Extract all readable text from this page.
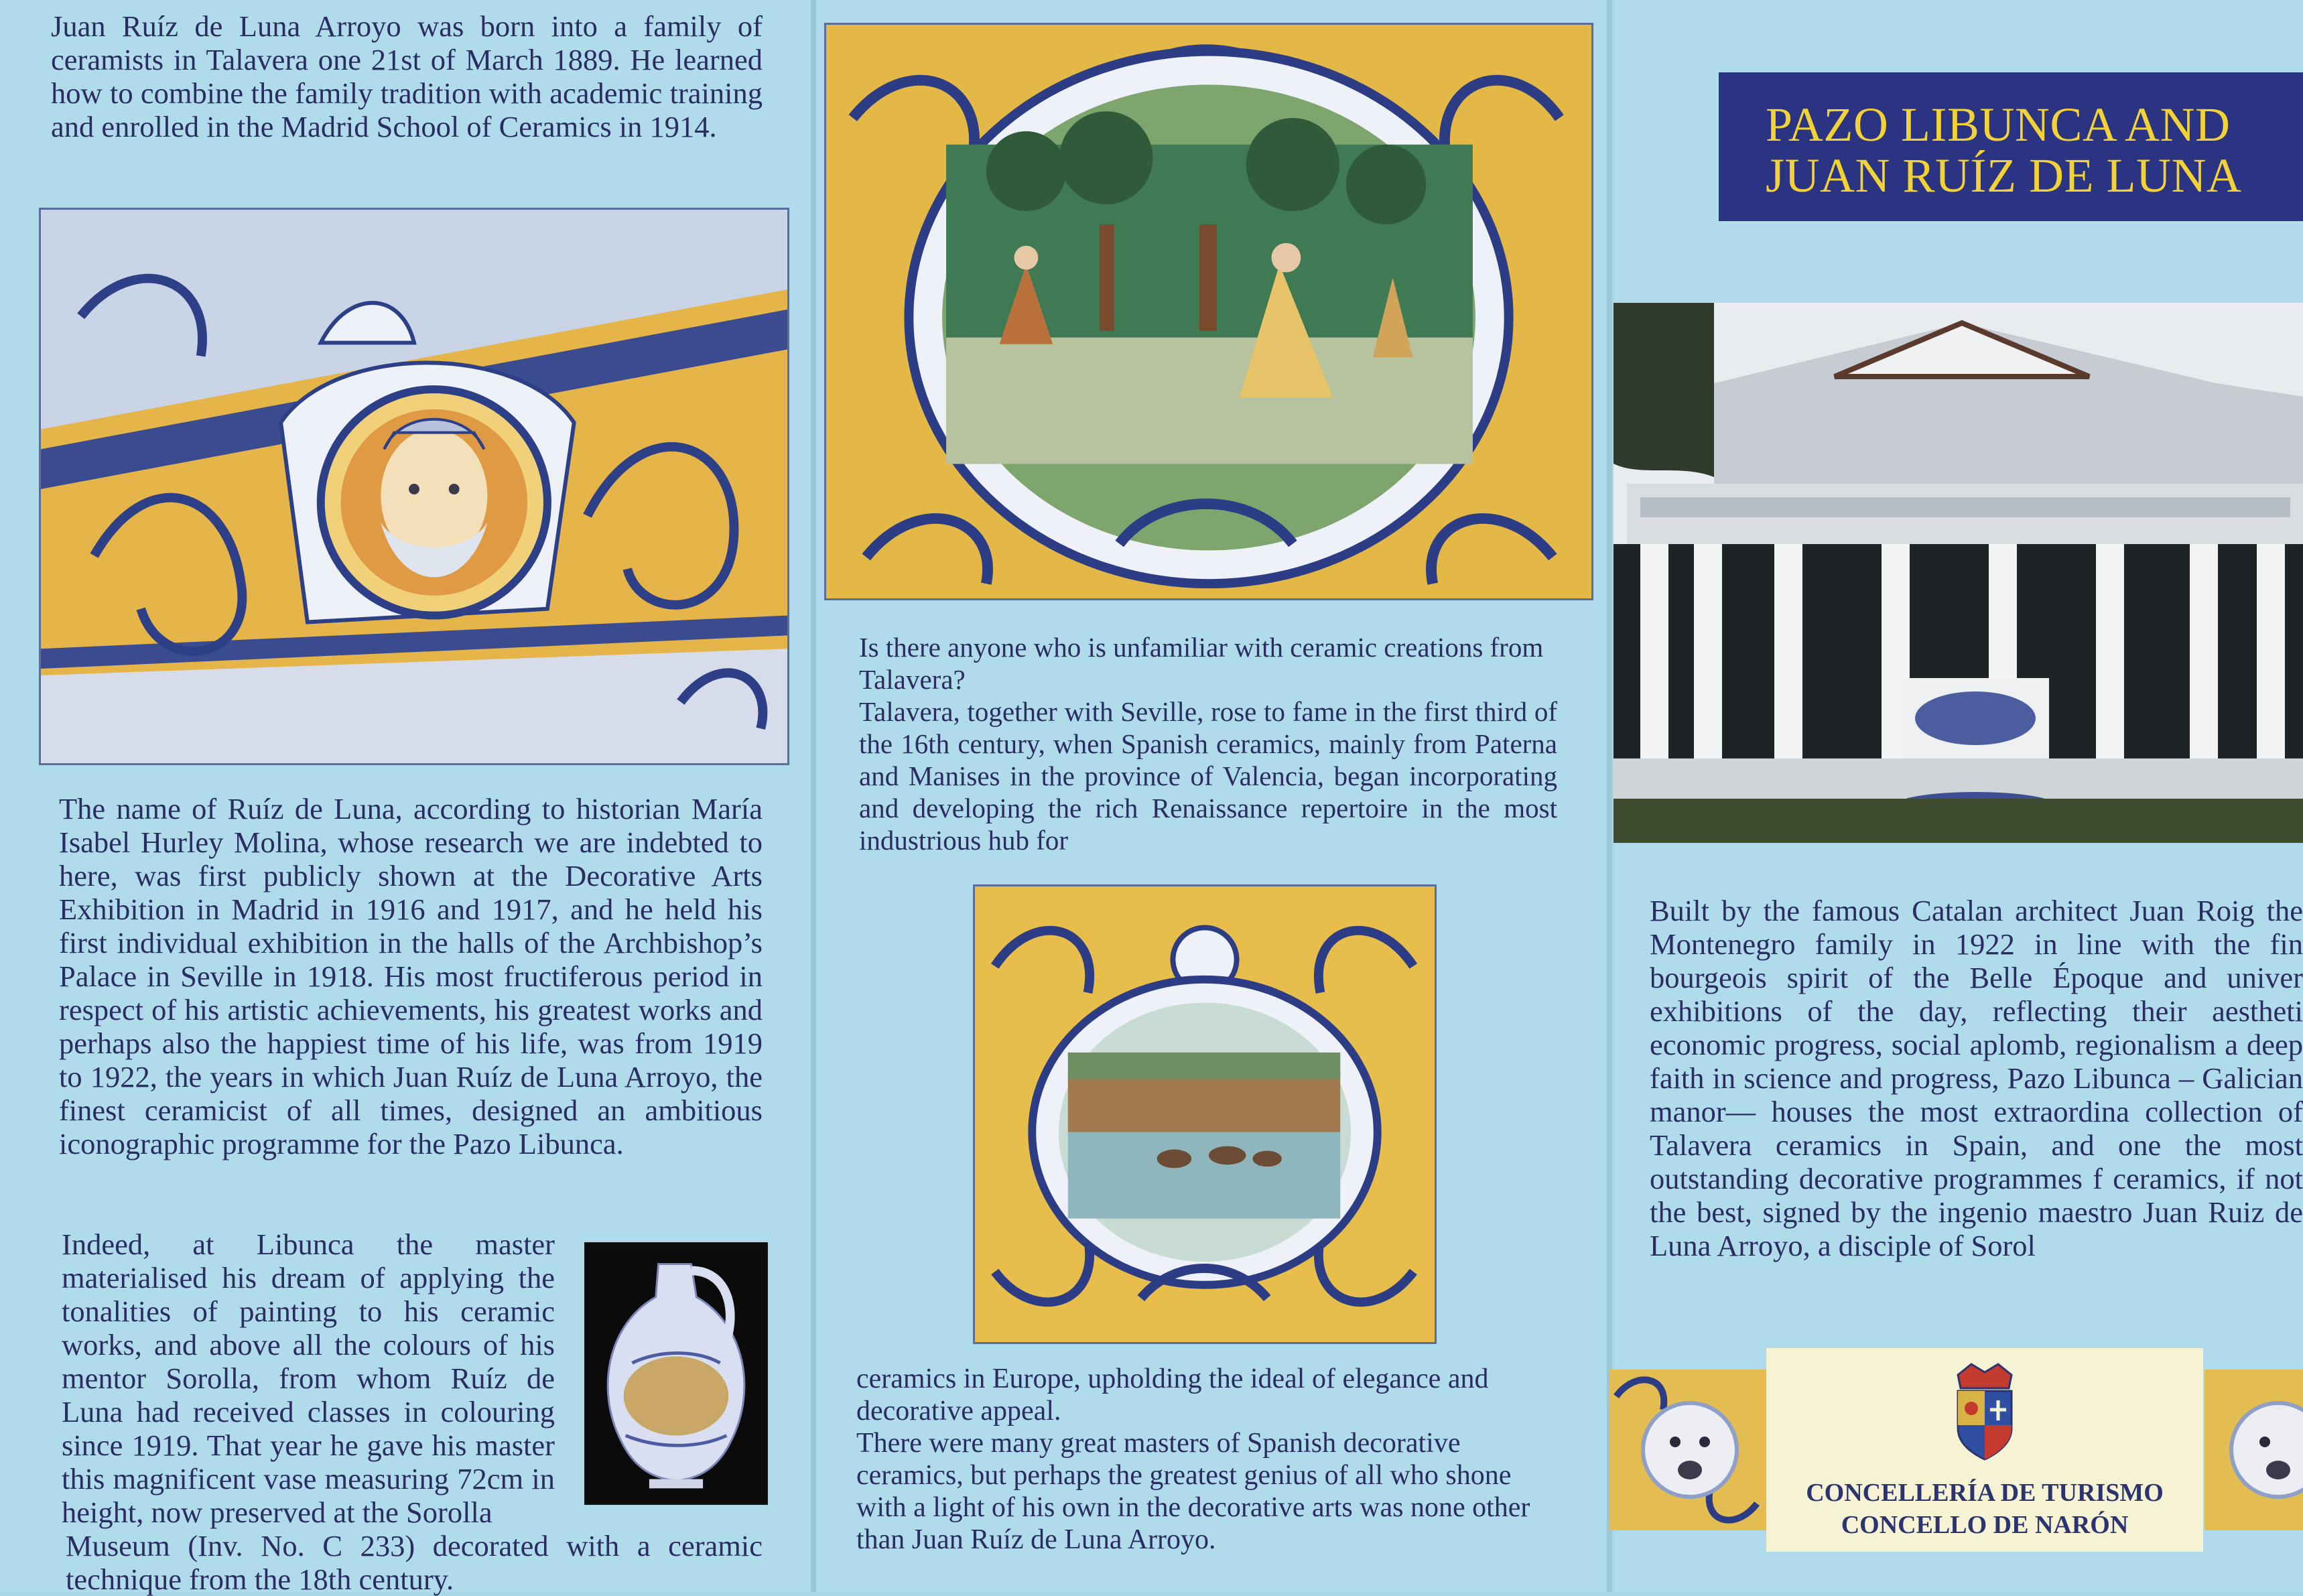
Juan Ruíz de Luna Arroyo was born into a family of ceramists in Talavera one 21st of March 1889. He learned how to combine the family tradition with academic training and enrolled in the Madrid School of Ceramics in 1914.

The name of Ruíz de Luna, according to historian María Isabel Hurley Molina, whose research we are indebted to here, was first publicly shown at the Decorative Arts Exhibition in Madrid in 1916 and 1917, and he held his first individual exhibition in the halls of the Archbishop’s Palace in Seville in 1918. His most fructiferous period in respect of his artistic achievements, his greatest works and perhaps also the happiest time of his life, was from 1919 to 1922, the years in which Juan Ruíz de Luna Arroyo, the finest ceramicist of all times, designed an ambitious iconographic programme for the Pazo Libunca.

Indeed, at Libunca the master materialised his dream of applying the tonalities of painting to his ceramic works, and above all the colours of his mentor Sorolla, from whom Ruíz de Luna had received classes in colouring since 1919. That year he gave his master this magnificent vase measuring 72cm in height, now preserved at the Sorolla

Museum (Inv. No. C 233) decorated with a ceramic technique from the 18th century.

Is there anyone who is unfamiliar with ceramic creations from Talavera?

Talavera, together with Seville, rose to fame in the first third of the 16th century, when Spanish ceramics, mainly from Paterna and Manises in the province of Valencia, began incorporating and developing the rich Renaissance repertoire in the most industrious hub for

ceramics in Europe, upholding the ideal of elegance and decorative appeal.

There were many great masters of Spanish decorative ceramics, but perhaps the greatest genius of all who shone with a light of his own in the decorative arts was none other than Juan Ruíz de Luna Arroyo.

PAZO LIBUNCA AND
JUAN RUÍZ DE LUNA

Built by the famous Catalan architect Juan Roig the Montenegro family in 1922 in line with the fin bourgeois spirit of the Belle Époque and univer exhibitions of the day, reflecting their aestheti economic progress, social aplomb, regionalism a deep faith in science and progress, Pazo Libunca – Galician manor— houses the most extraordina collection of Talavera ceramics in Spain, and one the most outstanding decorative programmes f ceramics, if not the best, signed by the ingenio maestro Juan Ruiz de Luna Arroyo, a disciple of Sorol

CONCELLERÍA DE TURISMO
CONCELLO DE NARÓN
